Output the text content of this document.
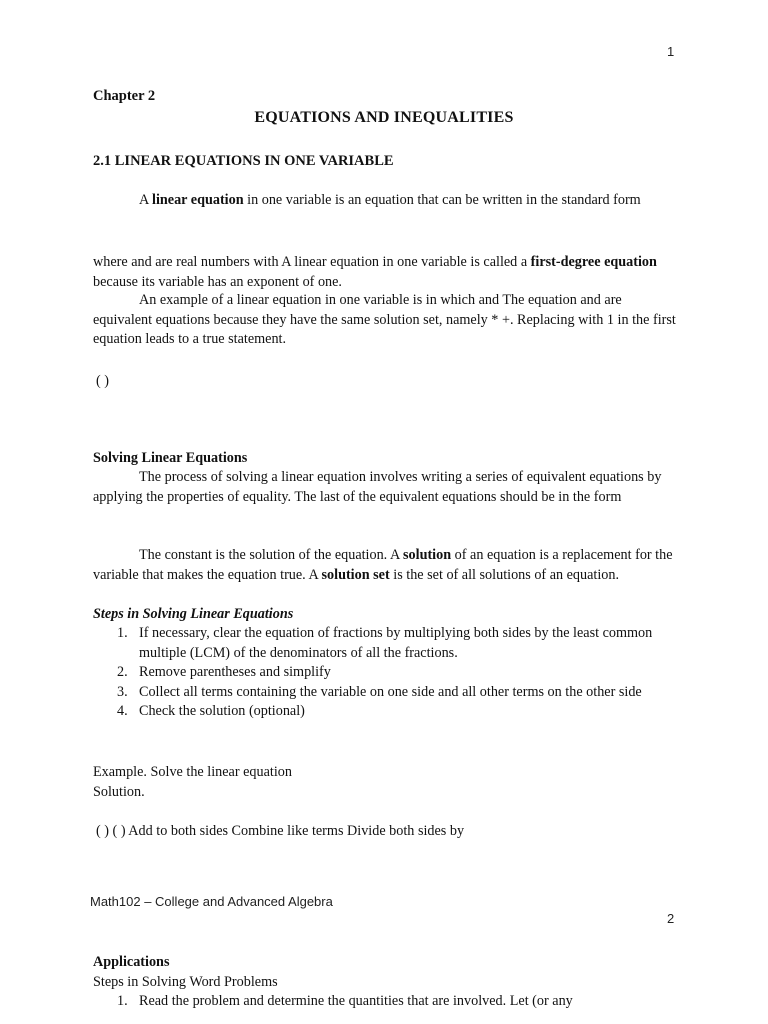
1
Chapter 2
EQUATIONS AND INEQUALITIES
2.1 LINEAR EQUATIONS IN ONE VARIABLE

A linear equation in one variable is an equation that can be written in the standard form

where and are real numbers with A linear equation in one variable is called a first-degree equation because its variable has an exponent of one.

An example of a linear equation in one variable is in which and The equation and are equivalent equations because they have the same solution set, namely * +. Replacing with 1 in the first equation leads to a true statement.

( )
Solving Linear Equations

The process of solving a linear equation involves writing a series of equivalent equations by applying the properties of equality. The last of the equivalent equations should be in the form

The constant is the solution of the equation. A solution of an equation is a replacement for the variable that makes the equation true. A solution set is the set of all solutions of an equation.

Steps in Solving Linear Equations
1. If necessary, clear the equation of fractions by multiplying both sides by the least common multiple (LCM) of the denominators of all the fractions.
2. Remove parentheses and simplify
3. Collect all terms containing the variable on one side and all other terms on the other side
4. Check the solution (optional)
Example. Solve the linear equation
Solution.
( ) ( ) Add to both sides Combine like terms Divide both sides by
Math102 – College and Advanced Algebra
2
Applications
Steps in Solving Word Problems
1. Read the problem and determine the quantities that are involved. Let (or any
